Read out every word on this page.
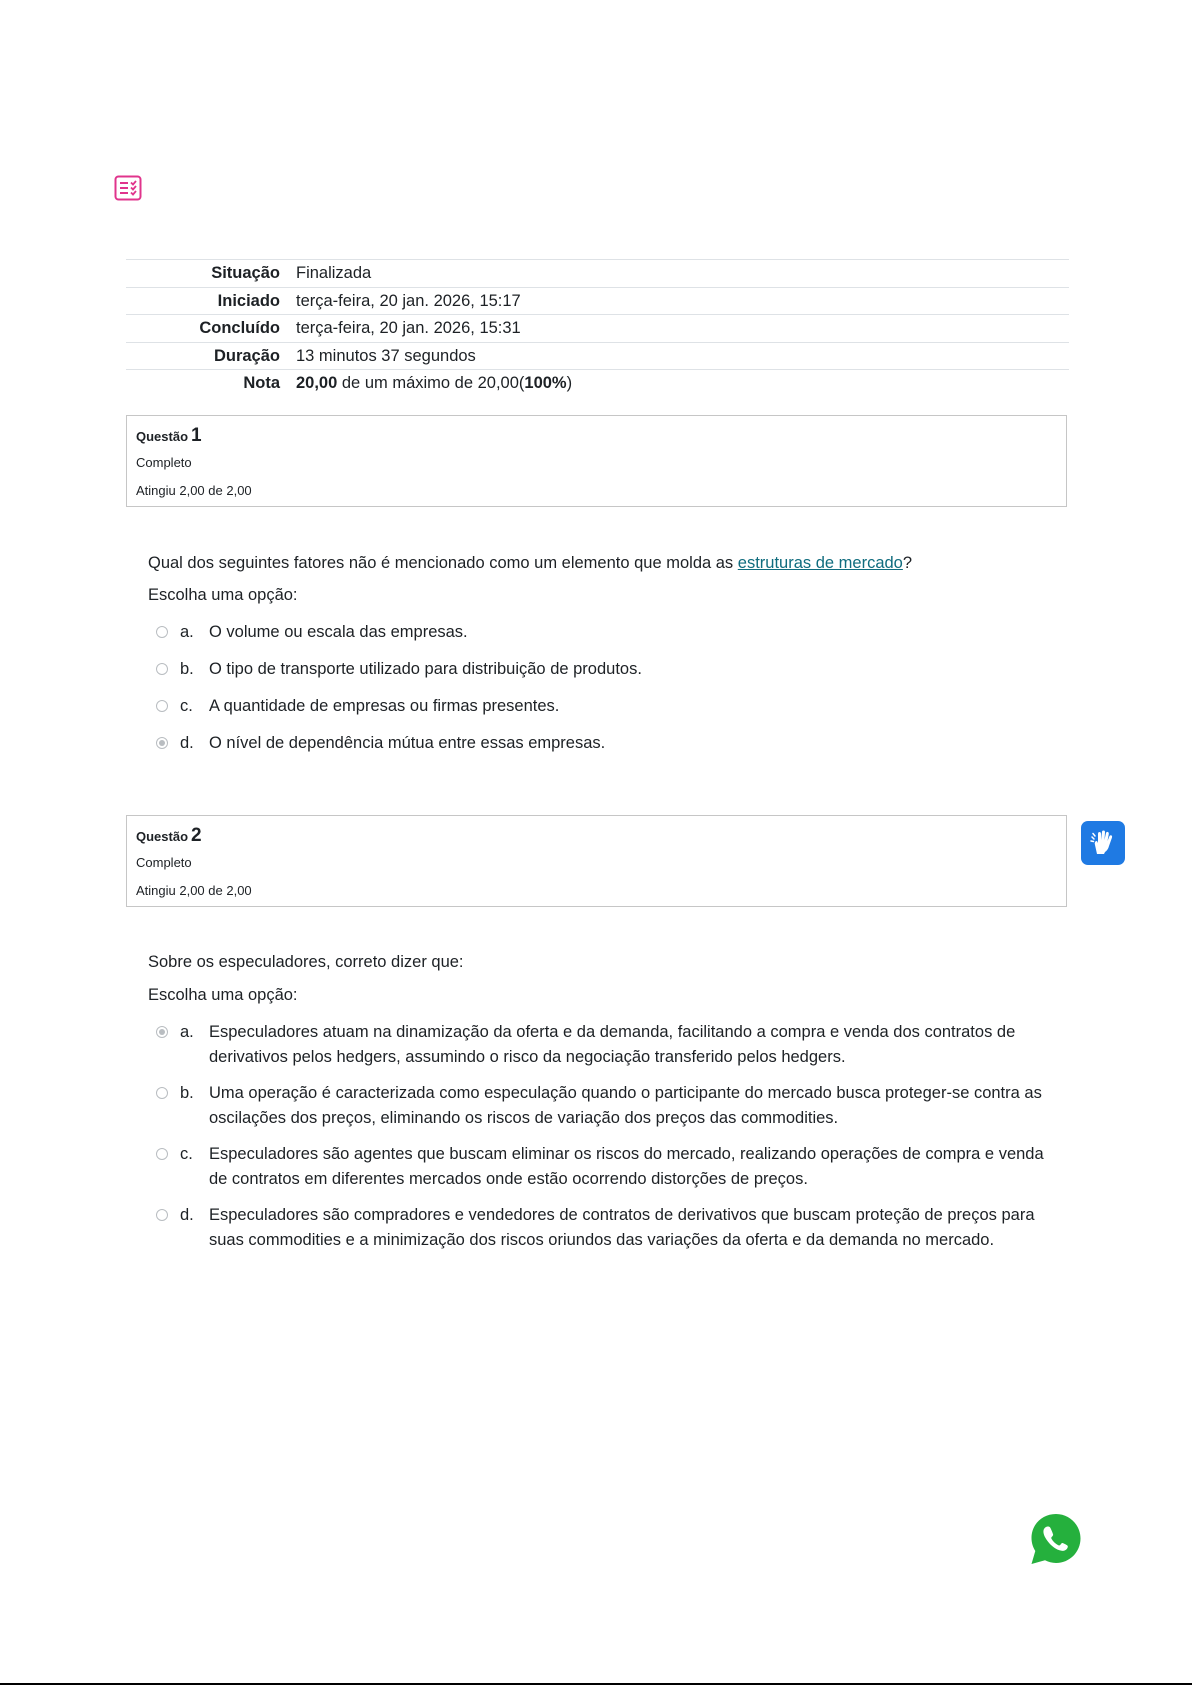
Situação	Finalizada
Iniciado	terça-feira, 20 jan. 2026, 15:17
Concluído	terça-feira, 20 jan. 2026, 15:31
Duração	13 minutos 37 segundos
Nota	20,00 de um máximo de 20,00(100%)
Questão 1
Completo
Atingiu 2,00 de 2,00
Qual dos seguintes fatores não é mencionado como um elemento que molda as estruturas de mercado?
Escolha uma opção:
a. O volume ou escala das empresas.
b. O tipo de transporte utilizado para distribuição de produtos.
c. A quantidade de empresas ou firmas presentes.
d. O nível de dependência mútua entre essas empresas.
Questão 2
Completo
Atingiu 2,00 de 2,00
Sobre os especuladores, correto dizer que:
Escolha uma opção:
a. Especuladores atuam na dinamização da oferta e da demanda, facilitando a compra e venda dos contratos de derivativos pelos hedgers, assumindo o risco da negociação transferido pelos hedgers.
b. Uma operação é caracterizada como especulação quando o participante do mercado busca proteger-se contra as oscilações dos preços, eliminando os riscos de variação dos preços das commodities.
c. Especuladores são agentes que buscam eliminar os riscos do mercado, realizando operações de compra e venda de contratos em diferentes mercados onde estão ocorrendo distorções de preços.
d. Especuladores são compradores e vendedores de contratos de derivativos que buscam proteção de preços para suas commodities e a minimização dos riscos oriundos das variações da oferta e da demanda no mercado.
